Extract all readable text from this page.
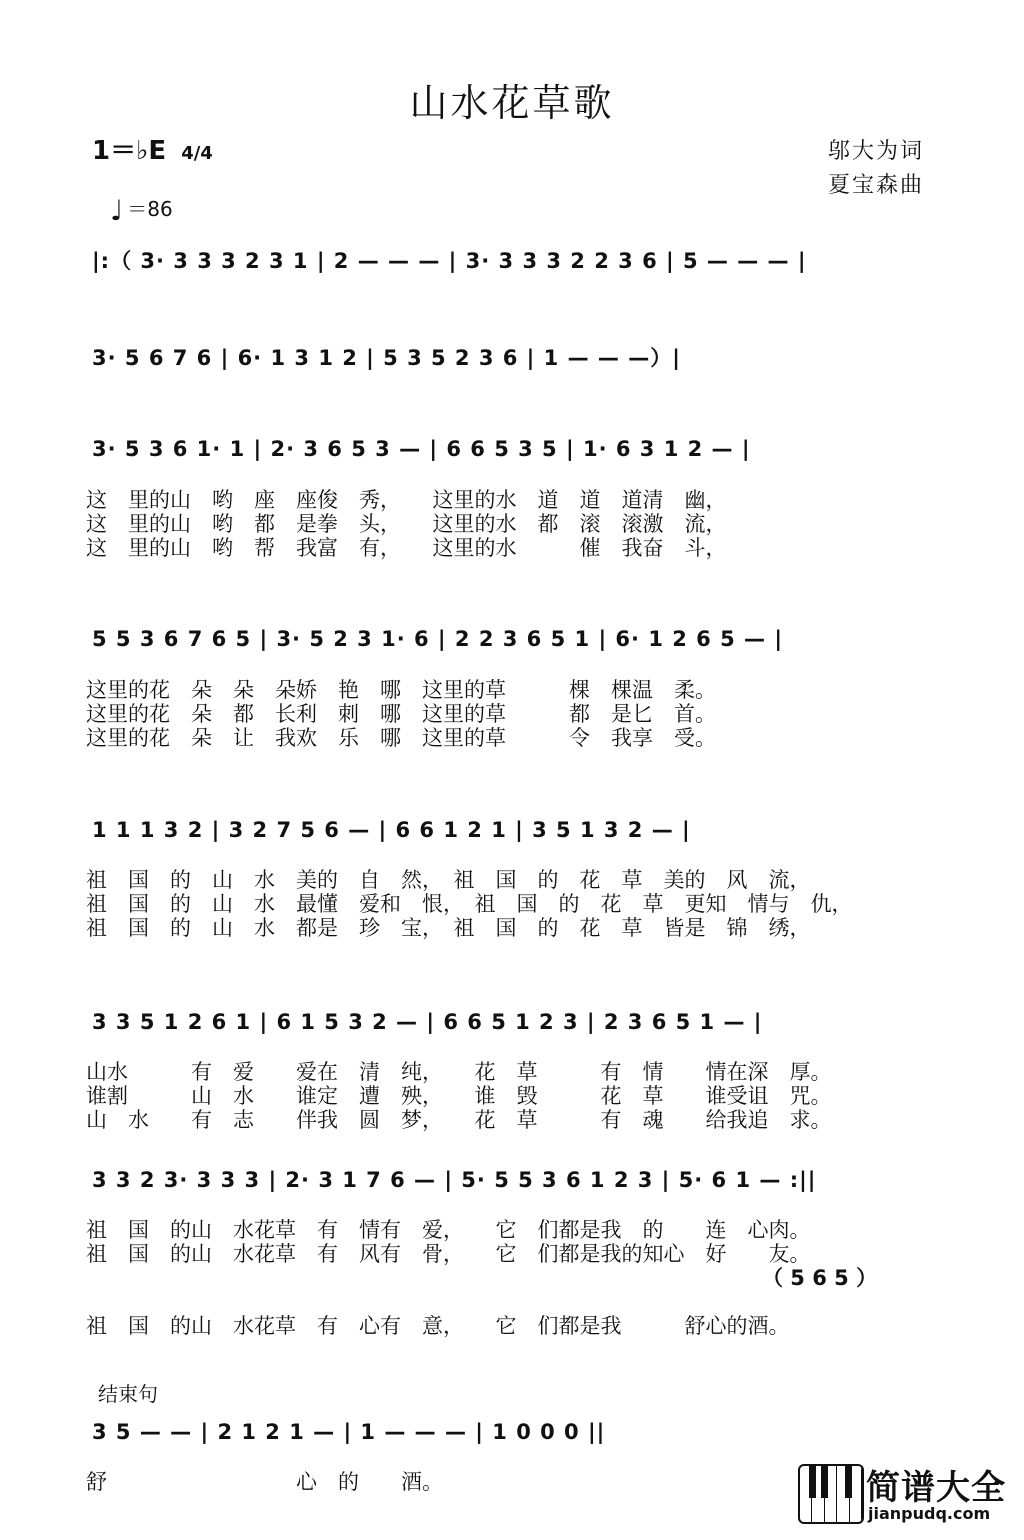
山水花草歌
1＝♭E 4/4	邬大为词
夏宝森曲
♩ ＝86
|:（ 3· 3 3 3 2 3 1 | 2 — — — | 3· 3 3 3 2 2 3 6 | 5 — — — |
3· 5 6 7 6 | 6· 1 3 1 2 | 5 3 5 2 3 6 | 1 — — —）|
3· 5 3 6 1· 1 | 2· 3 6 5 3 — | 6 6 5 3 5 | 1· 6 3 1 2 — |
这　里的山　哟　座　座俊　秀，　　这里的水　道　道　道清　幽，
这　里的山　哟　都　是拳　头，　　这里的水　都　滚　滚激　流，
这　里的山　哟　帮　我富　有，　　这里的水　　　催　我奋　斗，
5 5 3 6 7 6 5 | 3· 5 2 3 1· 6 | 2 2 3 6 5 1 | 6· 1 2 6 5 — |
这里的花　朵　朵　朵娇　艳　哪　这里的草　　　棵　棵温　柔。
这里的花　朵　都　长利　刺　哪　这里的草　　　都　是匕　首。
这里的花　朵　让　我欢　乐　哪　这里的草　　　令　我享　受。
1 1 1 3 2 | 3 2 7 5 6 — | 6 6 1 2 1 | 3 5 1 3 2 — |
祖　国　的　山　水　美的　自　然，　祖　国　的　花　草　美的　风　流，
祖　国　的　山　水　最懂　爱和　恨，　祖　国　的　花　草　更知　情与　仇，
祖　国　的　山　水　都是　珍　宝，　祖　国　的　花　草　皆是　锦　绣，
3 3 5 1 2 6 1 | 6 1 5 3 2 — | 6 6 5 1 2 3 | 2 3 6 5 1 — |
山水　　　有　爱　　爱在　清　纯，　　花　草　　　有　情　　情在深　厚。
谁割　　　山　水　　谁定　遭　殃，　　谁　毁　　　花　草　　谁受诅　咒。
山　水　　有　志　　伴我　圆　梦，　　花　草　　　有　魂　　给我追　求。
3 3 2 3· 3 3 3 | 2· 3 1 7 6 — | 5· 5 5 3 6 1 2 3 | 5· 6 1 — :||
祖　国　的山　水花草　有　情有　爱，　　它　们都是我　的　　连　心肉。
祖　国　的山　水花草　有　风有　骨，　　它　们都是我的知心　好　　友。
（ 5 6 5 ）
祖　国　的山　水花草　有　心有　意，　　它　们都是我　　　舒心的酒。
结束句
3 5 — — | 2 1 2 1 — | 1 — — — | 1 0 0 0 ||
舒　　　　　　　　　心　的　　酒。	简谱大全
jianpudq.com
